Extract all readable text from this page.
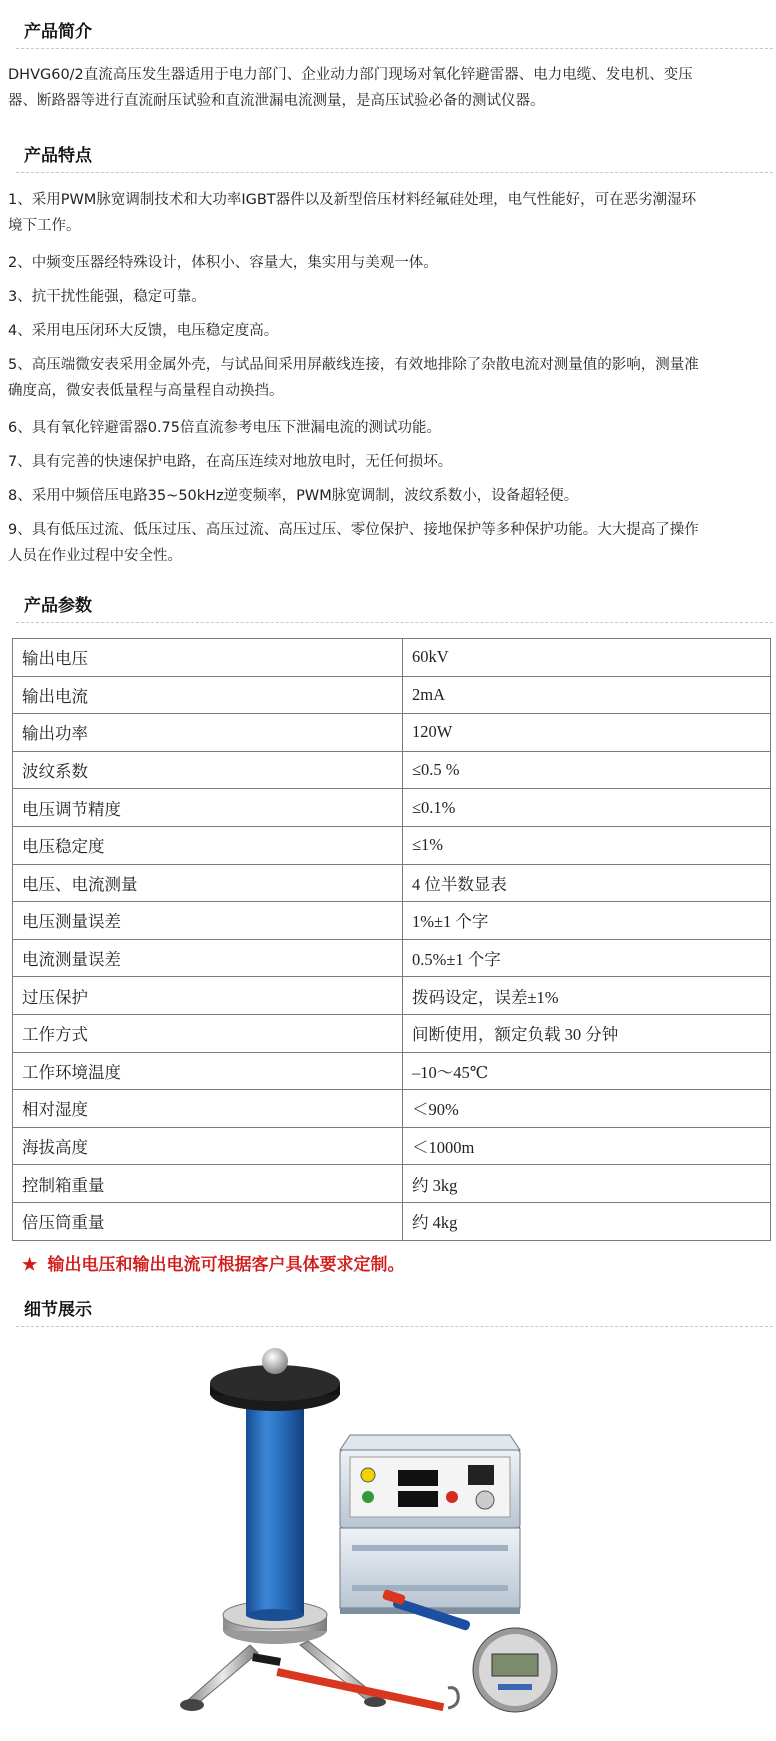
产品简介
DHVG60/2直流高压发生器适用于电力部门、企业动力部门现场对氧化锌避雷器、电力电缆、发电机、变压
器、断路器等进行直流耐压试验和直流泄漏电流测量，是高压试验必备的测试仪器。
产品特点
1、采用PWM脉宽调制技术和大功率IGBT器件以及新型倍压材料经氟硅处理，电气性能好，可在恶劣潮湿环
境下工作。
2、中频变压器经特殊设计，体积小、容量大，集实用与美观一体。
3、抗干扰性能强，稳定可靠。
4、采用电压闭环大反馈，电压稳定度高。
5、高压端微安表采用金属外壳，与试品间采用屏蔽线连接，有效地排除了杂散电流对测量值的影响，测量准
确度高，微安表低量程与高量程自动换挡。
6、具有氧化锌避雷器0.75倍直流参考电压下泄漏电流的测试功能。
7、具有完善的快速保护电路，在高压连续对地放电时，无任何损坏。
8、采用中频倍压电路35~50kHz逆变频率，PWM脉宽调制，波纹系数小，设备超轻便。
9、具有低压过流、低压过压、高压过流、高压过压、零位保护、接地保护等多种保护功能。大大提高了操作
人员在作业过程中安全性。
产品参数
输出电压	60kV
输出电流	2mA
输出功率	120W
波纹系数	≤0.5 %
电压调节精度	≤0.1%
电压稳定度	≤1%
电压、电流测量	4 位半数显表
电压测量误差	1%±1 个字
电流测量误差	0.5%±1 个字
过压保护	拨码设定，误差±1%
工作方式	间断使用，额定负载 30 分钟
工作环境温度	–10～45℃
相对湿度	＜90%
海拔高度	＜1000m
控制箱重量	约 3kg
倍压筒重量	约 4kg
★ 输出电压和输出电流可根据客户具体要求定制。
细节展示
